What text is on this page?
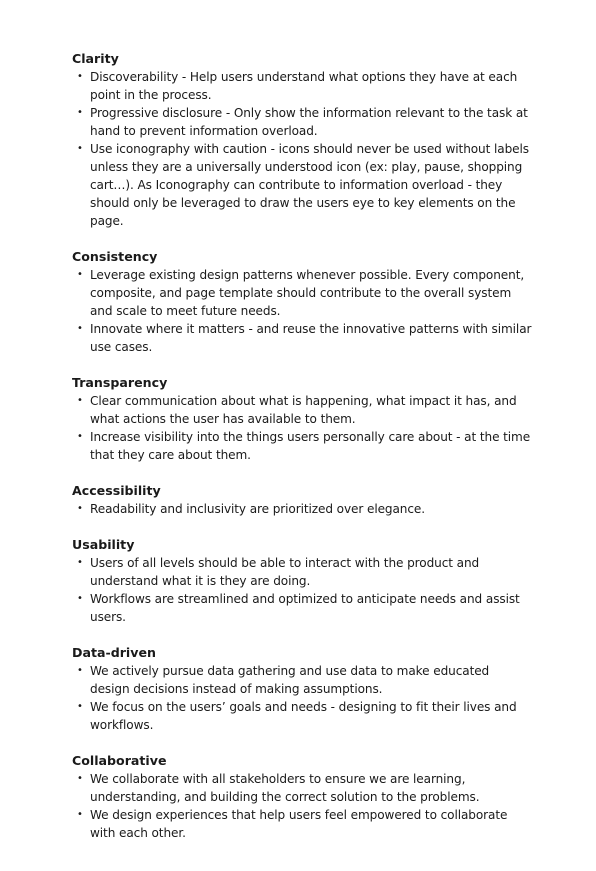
Clarity
• Discoverability - Help users understand what options they have at each point in the process.
• Progressive disclosure - Only show the information relevant to the task at hand to prevent information overload.
• Use iconography with caution - icons should never be used without labels unless they are a universally understood icon (ex: play, pause, shopping cart…). As Iconography can contribute to information overload - they should only be leveraged to draw the users eye to key elements on the page.
Consistency
• Leverage existing design patterns whenever possible. Every component, composite, and page template should contribute to the overall system and scale to meet future needs.
• Innovate where it matters - and reuse the innovative patterns with similar use cases.
Transparency
• Clear communication about what is happening, what impact it has, and what actions the user has available to them.
• Increase visibility into the things users personally care about - at the time that they care about them.
Accessibility
• Readability and inclusivity are prioritized over elegance.
Usability
• Users of all levels should be able to interact with the product and understand what it is they are doing.
• Workflows are streamlined and optimized to anticipate needs and assist users.
Data-driven
• We actively pursue data gathering and use data to make educated design decisions instead of making assumptions.
• We focus on the users’ goals and needs - designing to fit their lives and workflows.
Collaborative
• We collaborate with all stakeholders to ensure we are learning, understanding, and building the correct solution to the problems.
• We design experiences that help users feel empowered to collaborate with each other.
